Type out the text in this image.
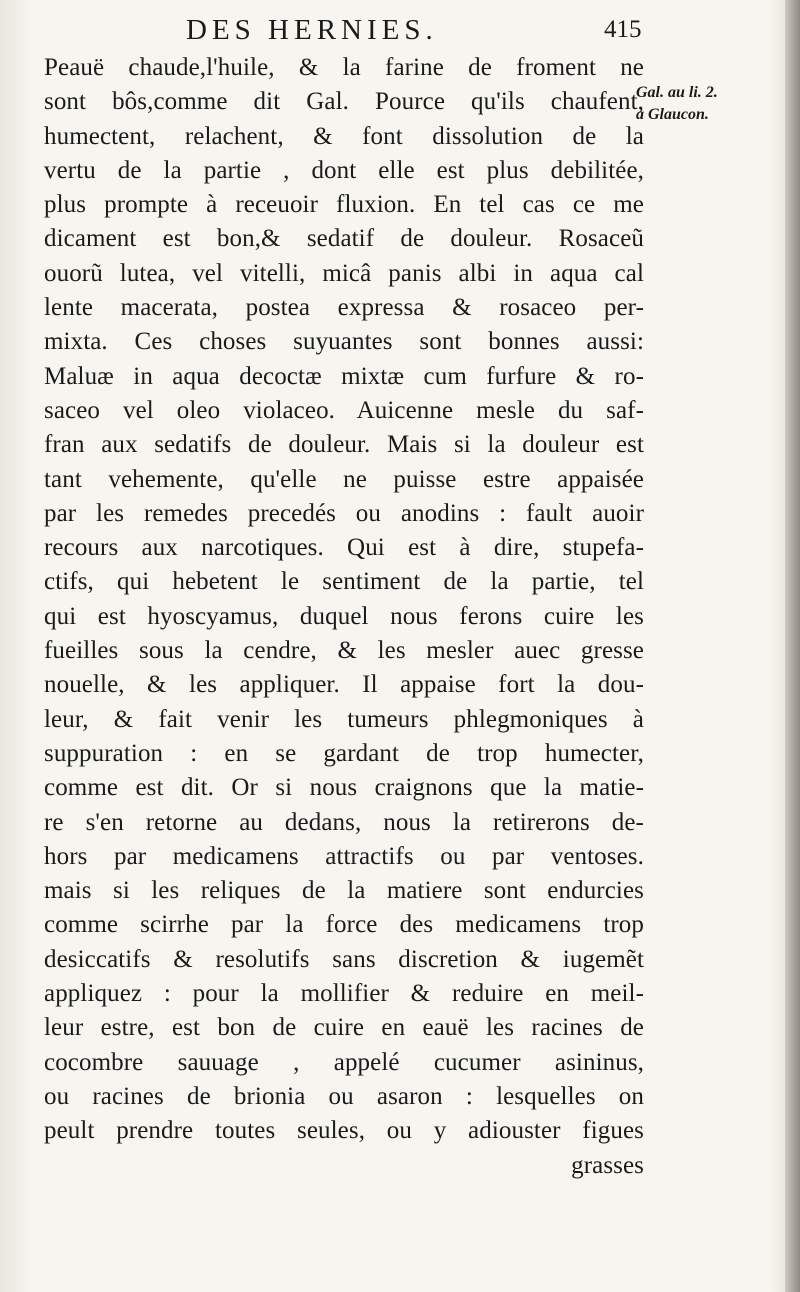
DES HERNIES.	415
Gal. au li. 2.
à Glaucon.
Peauë chaude,l'huile, & la farine de froment ne
sont bôs,comme dit Gal. Pource qu'ils chaufent,
humectent, relachent, & font dissolution de la
vertu de la partie , dont elle est plus debilitée,
plus prompte à receuoir fluxion. En tel cas ce me
dicament est bon,& sedatif de douleur. Rosaceũ
ouorũ lutea, vel vitelli, micâ panis albi in aqua cal
lente macerata, postea expressa & rosaceo per-
mixta. Ces choses suyuantes sont bonnes aussi:
Maluæ in aqua decoctæ mixtæ cum furfure & ro-
saceo vel oleo violaceo. Auicenne mesle du saf-
fran aux sedatifs de douleur. Mais si la douleur est
tant vehemente, qu'elle ne puisse estre appaisée
par les remedes precedés ou anodins : fault auoir
recours aux narcotiques. Qui est à dire, stupefa-
ctifs, qui hebetent le sentiment de la partie, tel
qui est hyoscyamus, duquel nous ferons cuire les
fueilles sous la cendre, & les mesler auec gresse
nouelle, & les appliquer. Il appaise fort la dou-
leur, & fait venir les tumeurs phlegmoniques à
suppuration : en se gardant de trop humecter,
comme est dit. Or si nous craignons que la matie-
re s'en retorne au dedans, nous la retirerons de-
hors par medicamens attractifs ou par ventoses.
mais si les reliques de la matiere sont endurcies
comme scirrhe par la force des medicamens trop
desiccatifs & resolutifs sans discretion & iugemẽt
appliquez : pour la mollifier & reduire en meil-
leur estre, est bon de cuire en eauë les racines de
cocombre sauuage , appelé cucumer asininus,
ou racines de brionia ou asaron : lesquelles on
peult prendre toutes seules, ou y adiouster figues
grasses
